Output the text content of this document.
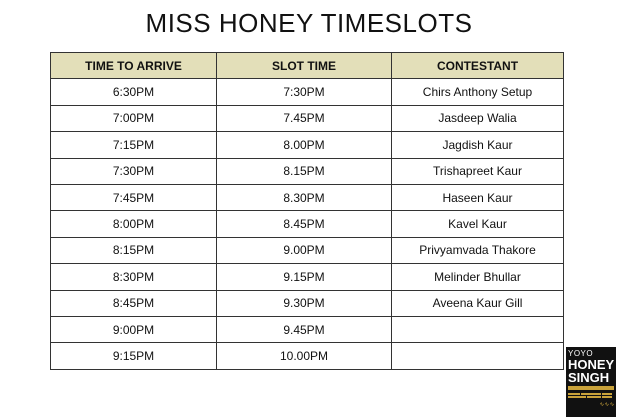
MISS HONEY TIMESLOTS
TIME TO ARRIVE	SLOT TIME	CONTESTANT
6:30PM	7:30PM	Chirs Anthony Setup
7:00PM	7.45PM	Jasdeep Walia
7:15PM	8.00PM	Jagdish Kaur
7:30PM	8.15PM	Trishapreet Kaur
7:45PM	8.30PM	Haseen Kaur
8:00PM	8.45PM	Kavel Kaur
8:15PM	9.00PM	Privyamvada Thakore
8:30PM	9.15PM	Melinder Bhullar
8:45PM	9.30PM	Aveena Kaur Gill
9:00PM	9.45PM	
9:15PM	10.00PM		YOYO
HONEY
SINGH
∿∿∿
